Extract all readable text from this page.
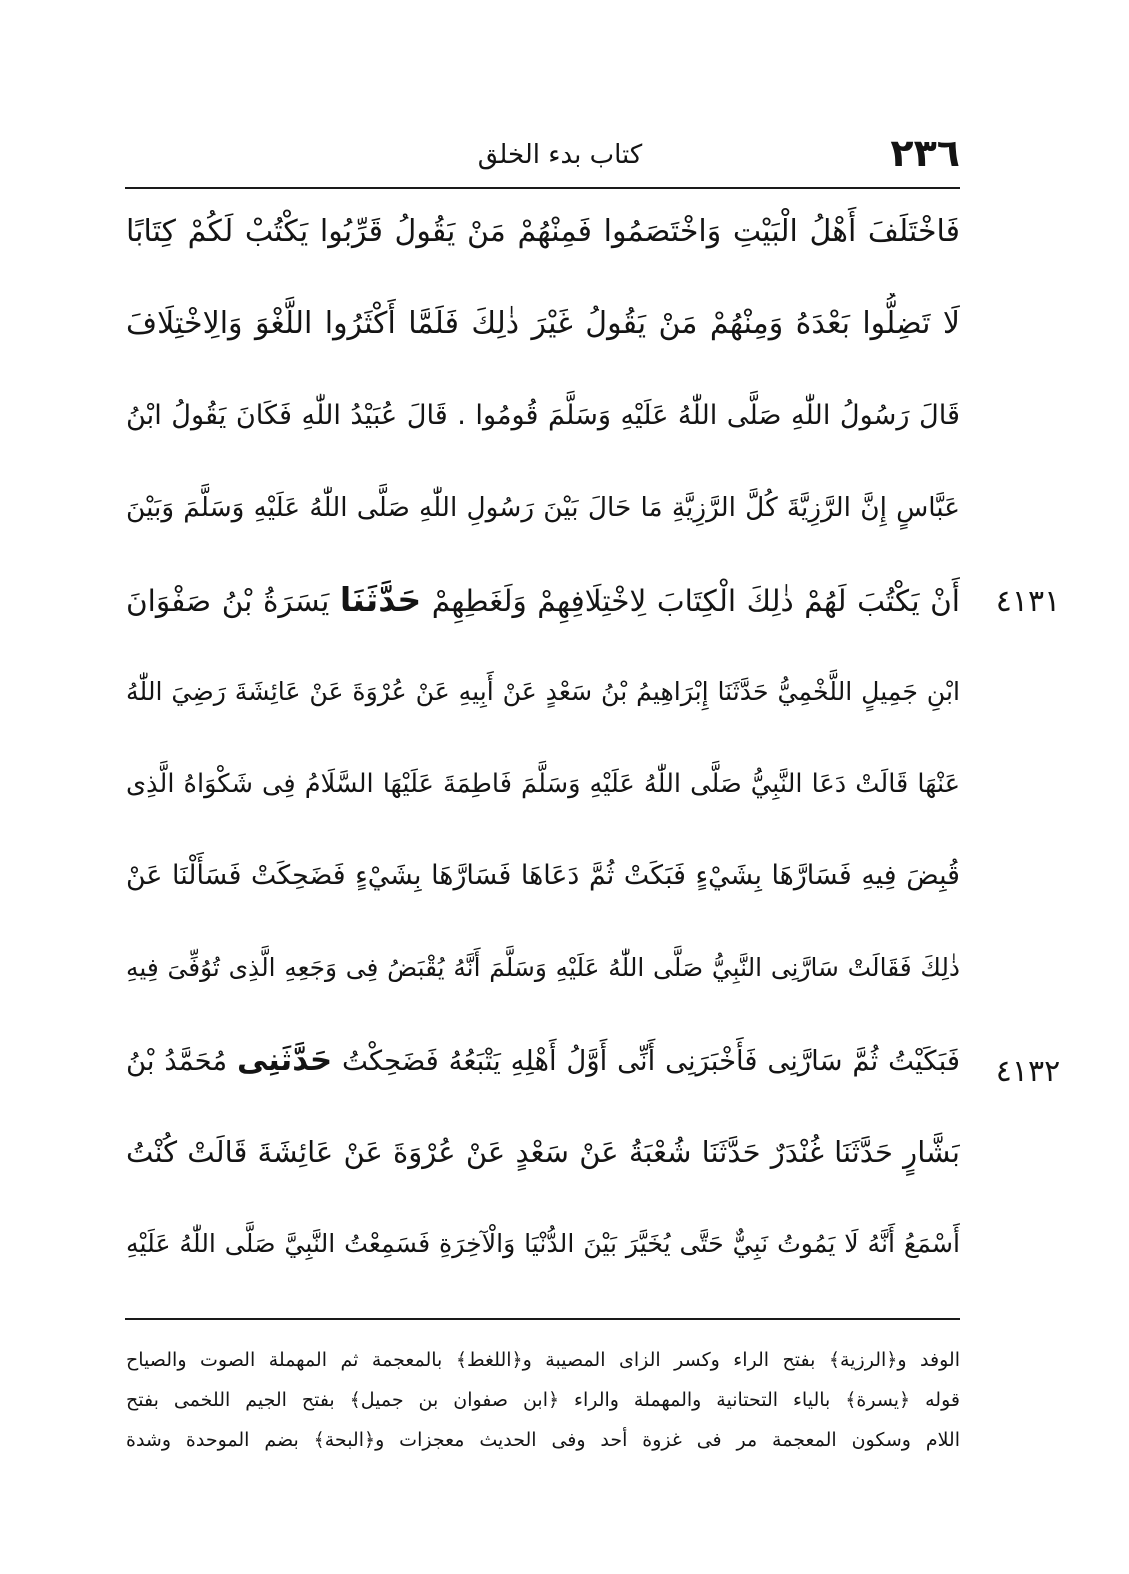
٢٣٦
كتاب بدء الخلق
فَاخْتَلَفَ أَهْلُ الْبَيْتِ وَاخْتَصَمُوا فَمِنْهُمْ مَنْ يَقُولُ قَرِّبُوا يَكْتُبْ لَكُمْ كِتَابًا
لَا تَضِلُّوا بَعْدَهُ وَمِنْهُمْ مَنْ يَقُولُ غَيْرَ ذٰلِكَ فَلَمَّا أَكْثَرُوا اللَّغْوَ وَالِاخْتِلَافَ
قَالَ رَسُولُ اللّٰهِ صَلَّى اللّٰهُ عَلَيْهِ وَسَلَّمَ قُومُوا . قَالَ عُبَيْدُ اللّٰهِ فَكَانَ يَقُولُ ابْنُ
عَبَّاسٍ إِنَّ الرَّزِيَّةَ كُلَّ الرَّزِيَّةِ مَا حَالَ بَيْنَ رَسُولِ اللّٰهِ صَلَّى اللّٰهُ عَلَيْهِ وَسَلَّمَ وَبَيْنَ
أَنْ يَكْتُبَ لَهُمْ ذٰلِكَ الْكِتَابَ لِاخْتِلَافِهِمْ وَلَغَطِهِمْ حَدَّثَنَا يَسَرَةُ بْنُ صَفْوَانَ
ابْنِ جَمِيلٍ اللَّخْمِيُّ حَدَّثَنَا إِبْرَاهِيمُ بْنُ سَعْدٍ عَنْ أَبِيهِ عَنْ عُرْوَةَ عَنْ عَائِشَةَ رَضِيَ اللّٰهُ
عَنْهَا قَالَتْ دَعَا النَّبِيُّ صَلَّى اللّٰهُ عَلَيْهِ وَسَلَّمَ فَاطِمَةَ عَلَيْهَا السَّلَامُ فِى شَكْوَاهُ الَّذِى
قُبِضَ فِيهِ فَسَارَّهَا بِشَيْءٍ فَبَكَتْ ثُمَّ دَعَاهَا فَسَارَّهَا بِشَيْءٍ فَضَحِكَتْ فَسَأَلْنَا عَنْ
ذٰلِكَ فَقَالَتْ سَارَّنِى النَّبِيُّ صَلَّى اللّٰهُ عَلَيْهِ وَسَلَّمَ أَنَّهُ يُقْبَضُ فِى وَجَعِهِ الَّذِى تُوُفِّىَ فِيهِ
فَبَكَيْتُ ثُمَّ سَارَّنِى فَأَخْبَرَنِى أَنِّى أَوَّلُ أَهْلِهِ يَتْبَعُهُ فَضَحِكْتُ حَدَّثَنِى مُحَمَّدُ بْنُ
بَشَّارٍ حَدَّثَنَا غُنْدَرٌ حَدَّثَنَا شُعْبَةُ عَنْ سَعْدٍ عَنْ عُرْوَةَ عَنْ عَائِشَةَ قَالَتْ كُنْتُ
أَسْمَعُ أَنَّهُ لَا يَمُوتُ نَبِيٌّ حَتَّى يُخَيَّرَ بَيْنَ الدُّنْيَا وَالْآخِرَةِ فَسَمِعْتُ النَّبِيَّ صَلَّى اللّٰهُ عَلَيْهِ
٤١٣١
٤١٣٢
الوفد و﴿الرزية﴾ بفتح الراء وكسر الزاى المصيبة و﴿اللغط﴾ بالمعجمة ثم المهملة الصوت والصياح
قوله ﴿يسرة﴾ بالياء التحتانية والمهملة والراء ﴿ابن صفوان بن جميل﴾ بفتح الجيم اللخمى بفتح
اللام وسكون المعجمة مر فى غزوة أحد وفى الحديث معجزات و﴿البحة﴾ بضم الموحدة وشدة
